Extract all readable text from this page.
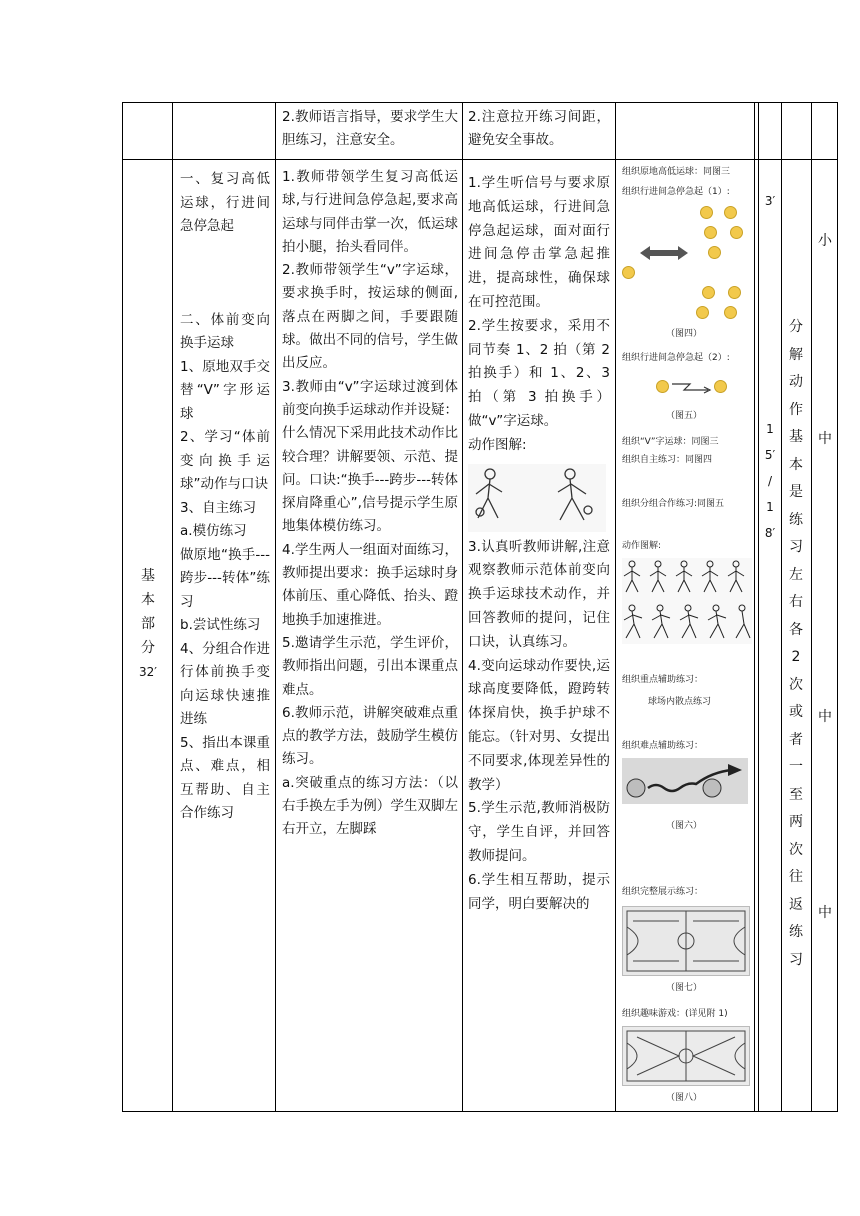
2.教师语言指导，要求学生大胆练习，注意安全。

2.注意拉开练习间距，避免安全事故。

基
本
部
分
32′

一、复习高低运球，行进间急停急起

二、体前变向换手运球

1、原地双手交替“V”字形运球

2、学习“体前变向换手运球”动作与口诀

3、自主练习

a.模仿练习

做原地“换手---跨步---转体”练习

b.尝试性练习

4、分组合作进行体前换手变向运球快速推进练

5、指出本课重点、难点，相互帮助、自主合作练习

1.教师带领学生复习高低运球,与行进间急停急起,要求高运球与同伴击掌一次，低运球拍小腿，抬头看同伴。

2.教师带领学生“v”字运球，要求换手时，按运球的侧面,落点在两脚之间，手要跟随球。做出不同的信号，学生做出反应。

3.教师由“v”字运球过渡到体前变向换手运球动作并设疑：什么情况下采用此技术动作比较合理？讲解要领、示范、提问。口诀:“换手---跨步---转体探肩降重心”,信号提示学生原地集体模仿练习。

4.学生两人一组面对面练习，教师提出要求：换手运球时身体前压、重心降低、抬头、蹬地换手加速推进。

5.邀请学生示范，学生评价，教师指出问题，引出本课重点难点。

6.教师示范，讲解突破难点重点的教学方法，鼓励学生模仿练习。

a.突破重点的练习方法：（以右手换左手为例）学生双脚左右开立，左脚踩

1.学生听信号与要求原地高低运球，行进间急停急起运球，面对面行进间急停击掌急起推进，提高球性，确保球在可控范围。

2.学生按要求，采用不同节奏 1、2 拍（第 2 拍换手）和 1、2、3 拍（第 3 拍换手）做“v”字运球。

动作图解:

3.认真听教师讲解,注意观察教师示范体前变向换手运球技术动作，并回答教师的提问，记住口诀，认真练习。

4.变向运球动作要快,运球高度要降低，蹬跨转体探肩快，换手护球不能忘。（针对男、女提出不同要求,体现差异性的教学）

5.学生示范,教师消极防守，学生自评，并回答教师提问。

6.学生相互帮助，提示同学，明白要解决的

组织原地高低运球：同图三
组织行进间急停急起（1）:
（图四）
组织行进间急停急起（2）:
（图五）
组织“V”字运球：同图三
组织自主练习：同图四
组织分组合作练习:同图五
动作图解:
组织重点辅助练习：
球场内散点练习
组织难点辅助练习：
（图六）
组织完整展示练习：
（图七）
组织趣味游戏：(详见附 1)
（图八）
3′
1
5′
/
1
8′
分
解
动
作
基
本
是
练
习
左
右
各
2
次
或
者
一
至
两
次
往
返
练
习
小
中
中
中
